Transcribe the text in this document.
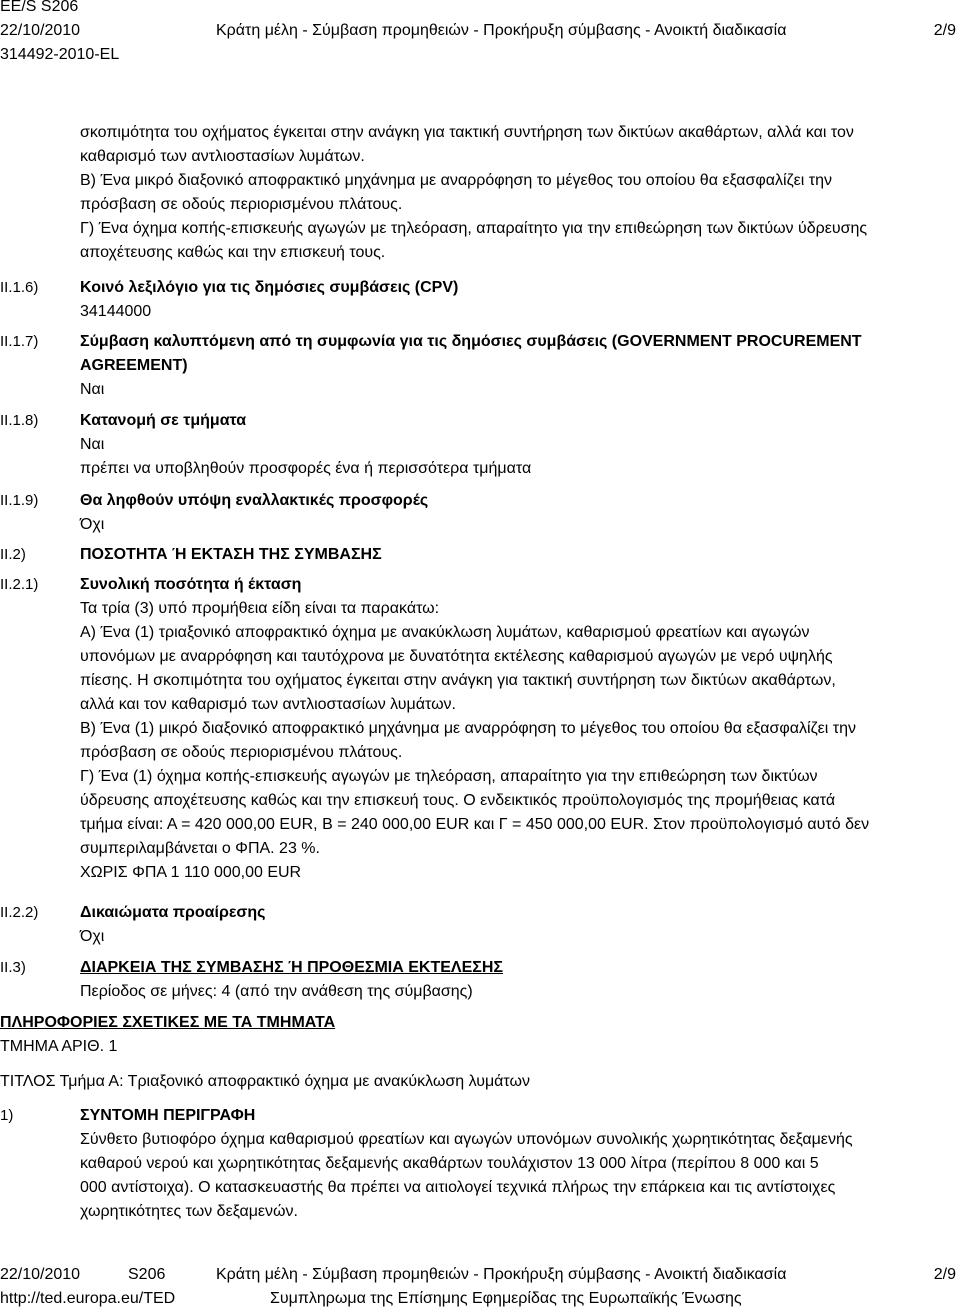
EE/S S206
22/10/2010
314492-2010-EL
Κράτη μέλη - Σύμβαση προμηθειών - Προκήρυξη σύμβασης - Ανοικτή διαδικασία	2/9

σκοπιμότητα του οχήματος έγκειται στην ανάγκη για τακτική συντήρηση των δικτύων ακαθάρτων, αλλά και τον

καθαρισμό των αντλιοστασίων λυμάτων.

Β) Ένα μικρό διαξονικό αποφρακτικό μηχάνημα με αναρρόφηση το μέγεθος του οποίου θα εξασφαλίζει την

πρόσβαση σε οδούς περιορισμένου πλάτους.

Γ) Ένα όχημα κοπής-επισκευής αγωγών με τηλεόραση, απαραίτητο για την επιθεώρηση των δικτύων ύδρευσης

αποχέτευσης καθώς και την επισκευή τους.

II.1.6)	Κοινό λεξιλόγιο για τις δημόσιες συμβάσεις (CPV)

34144000

II.1.7)	Σύμβαση καλυπτόμενη από τη συμφωνία για τις δημόσιες συμβάσεις (GOVERNMENT PROCUREMENT

AGREEMENT)

Ναι

II.1.8)	Κατανομή σε τμήματα

Ναι

πρέπει να υποβληθούν προσφορές ένα ή περισσότερα τμήματα

II.1.9)	Θα ληφθούν υπόψη εναλλακτικές προσφορές

Όχι

II.2)	ΠΟΣΟΤΗΤΑ Ή ΕΚΤΑΣΗ ΤΗΣ ΣΥΜΒΑΣΗΣ

II.2.1)	Συνολική ποσότητα ή έκταση

Τα τρία (3) υπό προμήθεια είδη είναι τα παρακάτω:

Α) Ένα (1) τριαξονικό αποφρακτικό όχημα με ανακύκλωση λυμάτων, καθαρισμού φρεατίων και αγωγών

υπονόμων με αναρρόφηση και ταυτόχρονα με δυνατότητα εκτέλεσης καθαρισμού αγωγών με νερό υψηλής

πίεσης. Η σκοπιμότητα του οχήματος έγκειται στην ανάγκη για τακτική συντήρηση των δικτύων ακαθάρτων,

αλλά και τον καθαρισμό των αντλιοστασίων λυμάτων.

Β) Ένα (1) μικρό διαξονικό αποφρακτικό μηχάνημα με αναρρόφηση το μέγεθος του οποίου θα εξασφαλίζει την

πρόσβαση σε οδούς περιορισμένου πλάτους.

Γ) Ένα (1) όχημα κοπής-επισκευής αγωγών με τηλεόραση, απαραίτητο για την επιθεώρηση των δικτύων

ύδρευσης αποχέτευσης καθώς και την επισκευή τους. Ο ενδεικτικός προϋπολογισμός της προμήθειας κατά

τμήμα είναι: Α = 420 000,00 EUR, Β = 240 000,00 EUR και Γ = 450 000,00 EUR. Στον προϋπολογισμό αυτό δεν

συμπεριλαμβάνεται ο ΦΠΑ. 23 %.

ΧΩΡΙΣ ΦΠΑ 1 110 000,00 EUR

II.2.2)	Δικαιώματα προαίρεσης

Όχι

II.3)	ΔΙΑΡΚΕΙΑ ΤΗΣ ΣΥΜΒΑΣΗΣ Ή ΠΡΟΘΕΣΜΙΑ ΕΚΤΕΛΕΣΗΣ

Περίοδος σε μήνες: 4 (από την ανάθεση της σύμβασης)

ΠΛΗΡΟΦΟΡΙΕΣ ΣΧΕΤΙΚΕΣ ΜΕ ΤΑ ΤΜΗΜΑΤΑ

ΤΜΗΜΑ ΑΡΙΘ. 1

ΤΙΤΛΟΣ Τμήμα Α: Τριαξονικό αποφρακτικό όχημα με ανακύκλωση λυμάτων

1)	ΣΥΝΤΟΜΗ ΠΕΡΙΓΡΑΦΗ

Σύνθετο βυτιοφόρο όχημα καθαρισμού φρεατίων και αγωγών υπονόμων συνολικής χωρητικότητας δεξαμενής

καθαρού νερού και χωρητικότητας δεξαμενής ακαθάρτων τουλάχιστον 13 000 λίτρα (περίπου 8 000 και 5

000 αντίστοιχα). Ο κατασκευαστής θα πρέπει να αιτιολογεί τεχνικά πλήρως την επάρκεια και τις αντίστοιχες

χωρητικότητες των δεξαμενών.

22/10/2010	S206	Κράτη μέλη - Σύμβαση προμηθειών - Προκήρυξη σύμβασης - Ανοικτή διαδικασία	2/9
http://ted.europa.eu/TED	Συμπληρωμα της Επίσημης Εφημερίδας της Ευρωπαϊκής Ένωσης
